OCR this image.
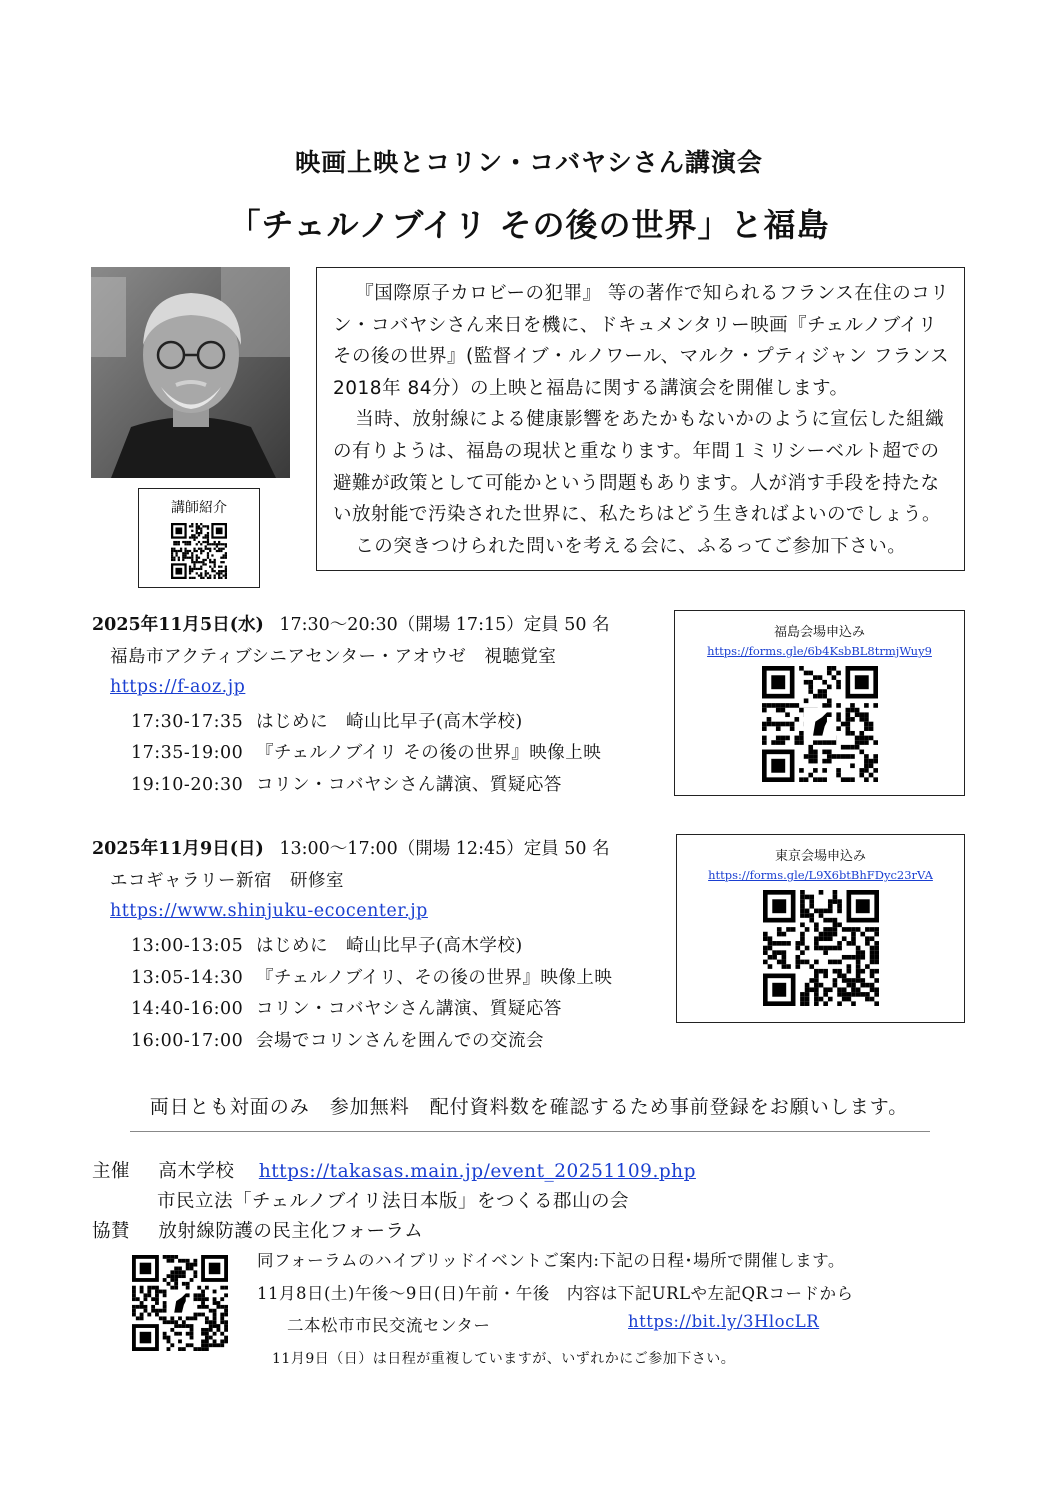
映画上映とコリン・コバヤシさん講演会
「チェルノブイリ その後の世界」と福島

『国際原子カロビーの犯罪』 等の著作で知られるフランス在住のコリン・コバヤシさん来日を機に、ドキュメンタリー映画『チェルノブイリ その後の世界』(監督イブ・ルノワール、マルク・プティジャン フランス 2018年 84分）の上映と福島に関する講演会を開催します。

当時、放射線による健康影響をあたかもないかのように宣伝した組織の有りようは、福島の現状と重なります。年間１ミリシーベルト超での避難が政策として可能かという問題もあります。人が消す手段を持たない放射能で汚染された世界に、私たちはどう生きればよいのでしょう。

この突きつけられた問いを考える会に、ふるってご参加下さい。

講師紹介
2025年11月5日(水) 17:30～20:30（開場 17:15）定員 50 名
福島市アクティブシニアセンター・アオウゼ　視聴覚室
https://f-aoz.jp
17:30-17:35 はじめに　崎山比早子(高木学校)
17:35-19:00 『チェルノブイリ その後の世界』映像上映
19:10-20:30 コリン・コバヤシさん講演、質疑応答
福島会場申込み
https://forms.gle/6b4KsbBL8trmjWuy9
2025年11月9日(日) 13:00～17:00（開場 12:45）定員 50 名
エコギャラリー新宿　研修室
https://www.shinjuku-ecocenter.jp
13:00-13:05 はじめに　崎山比早子(高木学校)
13:05-14:30 『チェルノブイリ、その後の世界』映像上映
14:40-16:00 コリン・コバヤシさん講演、質疑応答
16:00-17:00 会場でコリンさんを囲んでの交流会
東京会場申込み
https://forms.gle/L9X6btBhFDyc23rVA
両日とも対面のみ　参加無料　配付資料数を確認するため事前登録をお願いします。
主催 高木学校 https://takasas.main.jp/event_20251109.php
市民立法「チェルノブイリ法日本版」をつくる郡山の会
協賛 放射線防護の民主化フォーラム
同フォーラムのハイブリッドイベントご案内:下記の日程･場所で開催します。
11月8日(土)午後～9日(日)午前・午後　内容は下記URLや左記QRコードから
二本松市市民交流センター	https://bit.ly/3HlocLR
11月9日（日）は日程が重複していますが、いずれかにご参加下さい。
